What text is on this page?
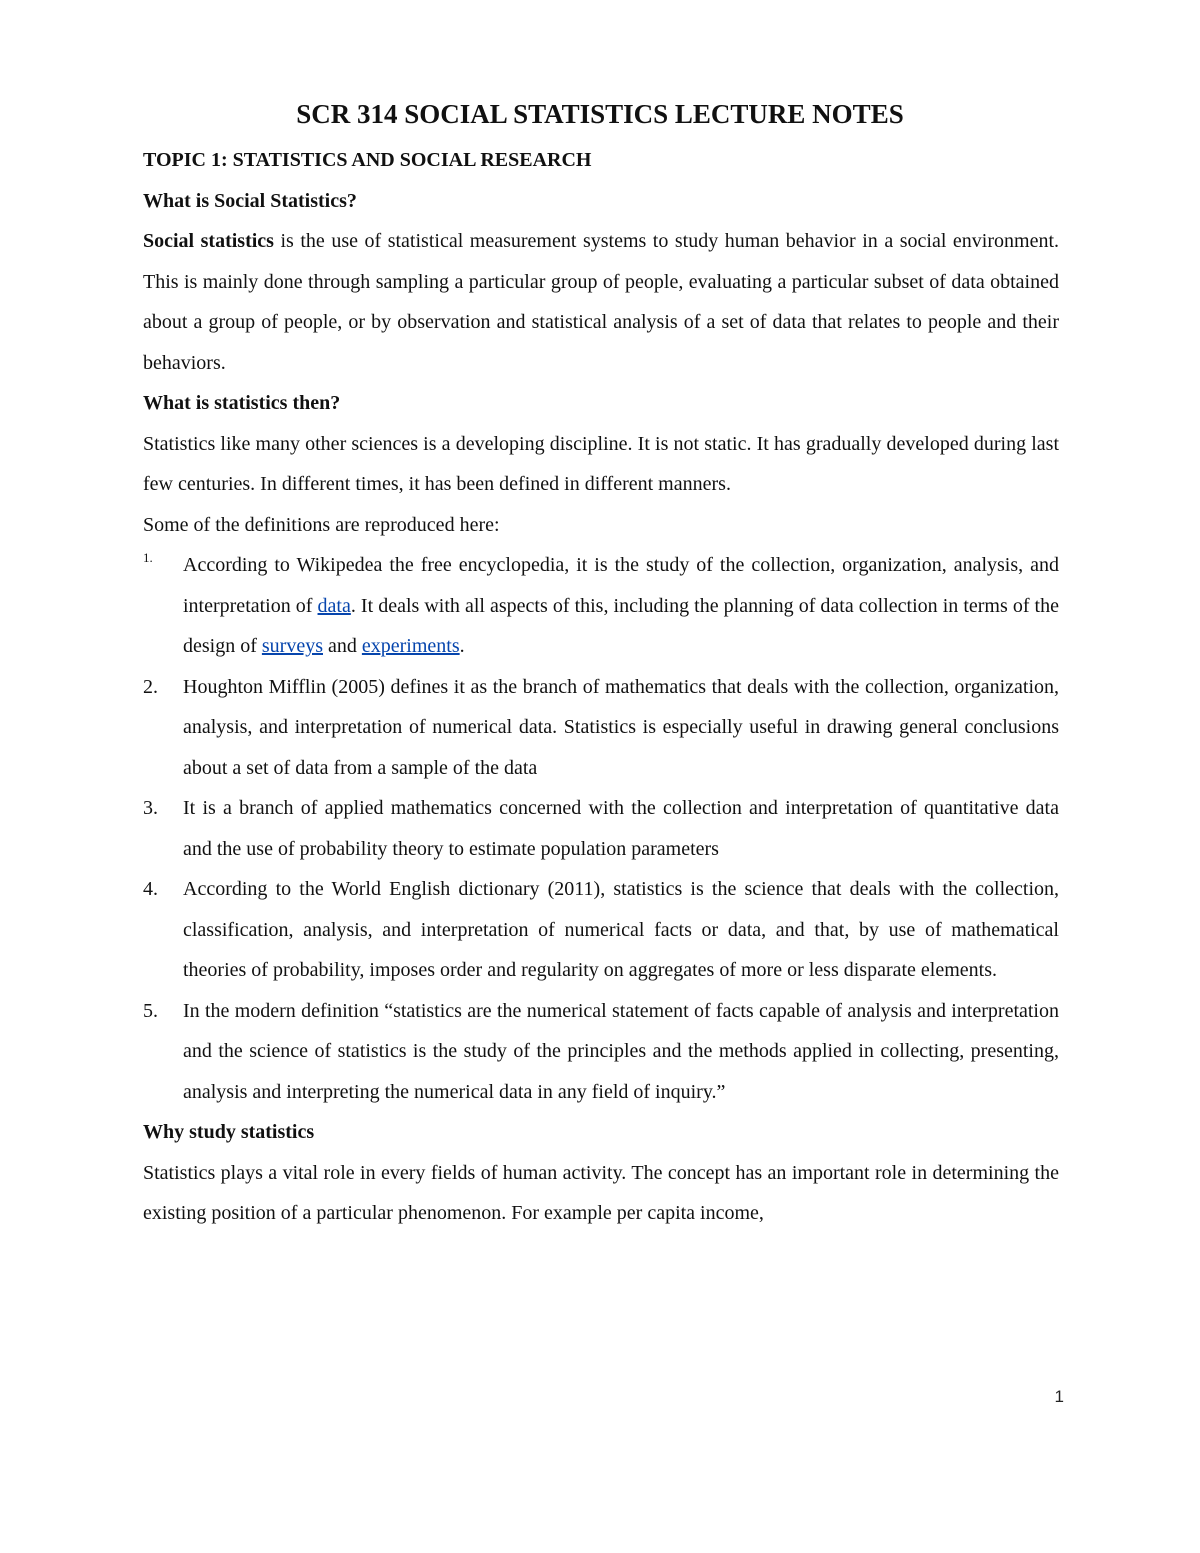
SCR 314 SOCIAL STATISTICS LECTURE NOTES

TOPIC 1: STATISTICS AND SOCIAL RESEARCH

What is Social Statistics?

Social statistics is the use of statistical measurement systems to study human behavior in a social environment. This is mainly done through sampling a particular group of people, evaluating a particular subset of data obtained about a group of people, or by observation and statistical analysis of a set of data that relates to people and their behaviors.

What is statistics then?

Statistics like many other sciences is a developing discipline. It is not static. It has gradually developed during last few centuries. In different times, it has been defined in different manners.

Some of the definitions are reproduced here:

1. According to Wikipedea the free encyclopedia, it is the study of the collection, organization, analysis, and interpretation of data. It deals with all aspects of this, including the planning of data collection in terms of the design of surveys and experiments.
2. Houghton Mifflin (2005) defines it as the branch of mathematics that deals with the collection, organization, analysis, and interpretation of numerical data. Statistics is especially useful in drawing general conclusions about a set of data from a sample of the data
3. It is a branch of applied mathematics concerned with the collection and interpretation of quantitative data and the use of probability theory to estimate population parameters
4. According to the World English dictionary (2011), statistics is the science that deals with the collection, classification, analysis, and interpretation of numerical facts or data, and that, by use of mathematical theories of probability, imposes order and regularity on aggregates of more or less disparate elements.
5. In the modern definition “statistics are the numerical statement of facts capable of analysis and interpretation and the science of statistics is the study of the principles and the methods applied in collecting, presenting, analysis and interpreting the numerical data in any field of inquiry.”

Why study statistics

Statistics plays a vital role in every fields of human activity. The concept has an important role in determining the existing position of a particular phenomenon. For example per capita income,

1
